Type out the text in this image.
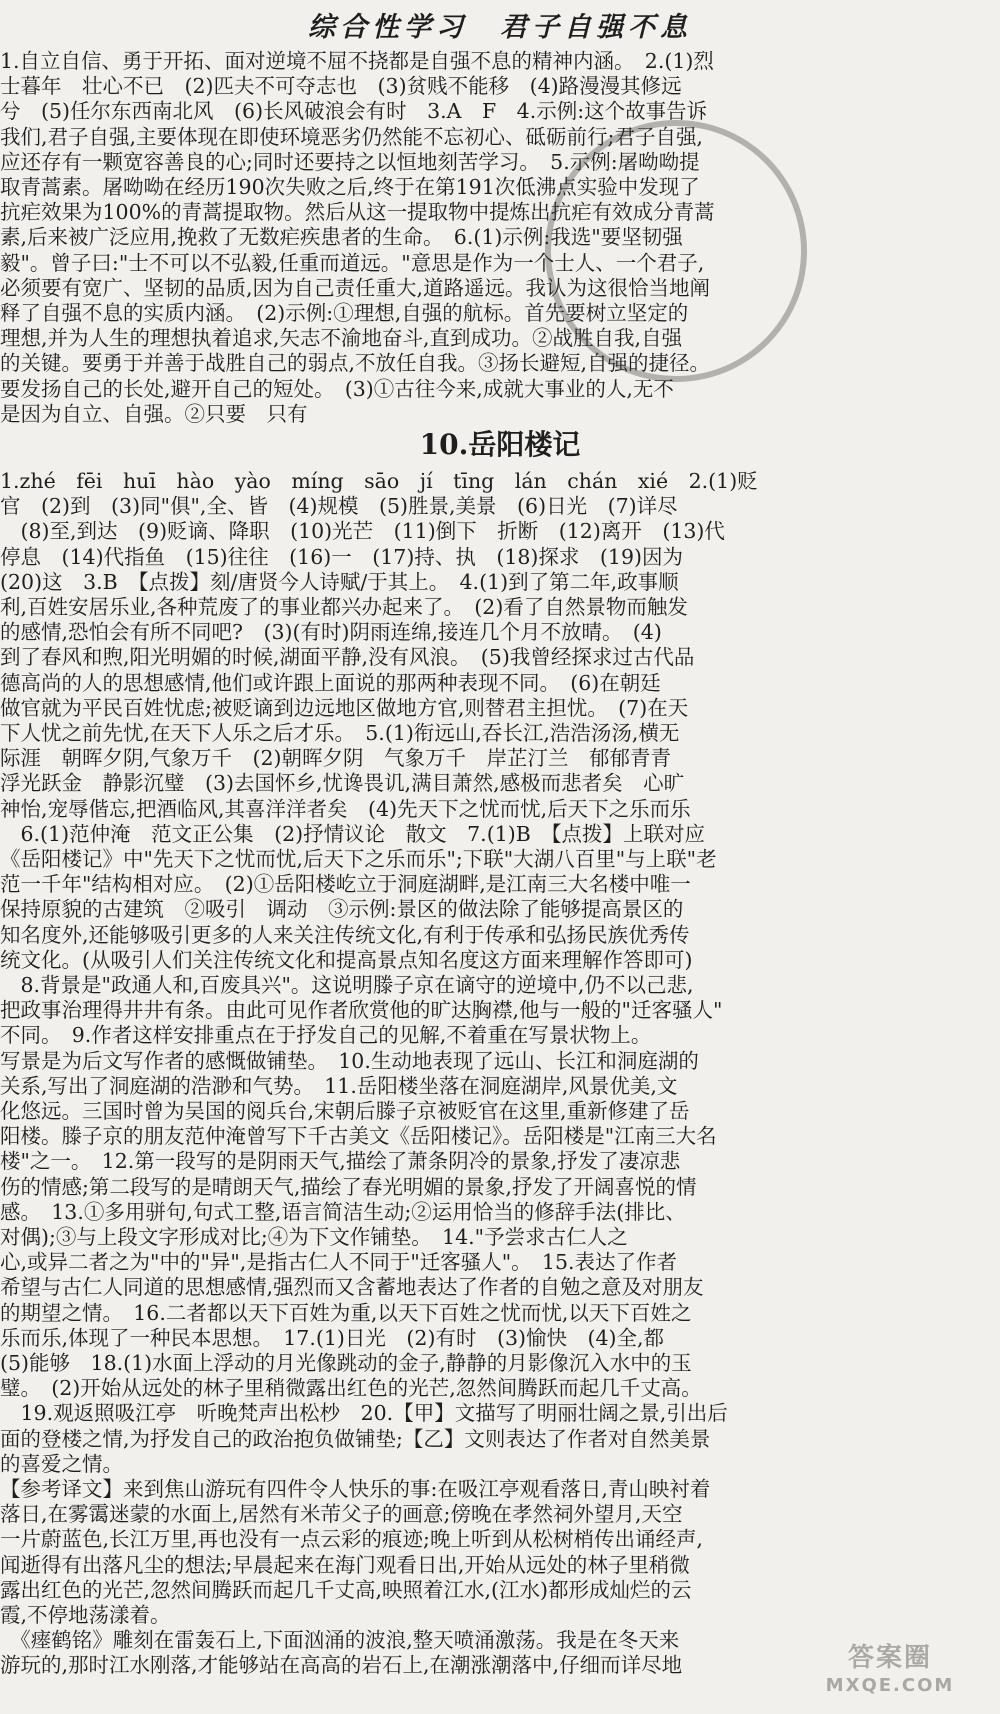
综合性学习　君子自强不息
10.岳阳楼记
1.自立自信、勇于开拓、面对逆境不屈不挠都是自强不息的精神内涵。　2.(1)烈
士暮年　壮心不已　(2)匹夫不可夺志也　(3)贫贱不能移　(4)路漫漫其修远
兮　(5)任尔东西南北风　(6)长风破浪会有时　3.A　F　4.示例:这个故事告诉
我们,君子自强,主要体现在即使环境恶劣仍然能不忘初心、砥砺前行;君子自强,
应还存有一颗宽容善良的心;同时还要持之以恒地刻苦学习。　5.示例:屠呦呦提
取青蒿素。屠呦呦在经历190次失败之后,终于在第191次低沸点实验中发现了
抗疟效果为100%的青蒿提取物。然后从这一提取物中提炼出抗疟有效成分青蒿
素,后来被广泛应用,挽救了无数疟疾患者的生命。　6.(1)示例:我选"要坚韧强
毅"。曾子曰:"士不可以不弘毅,任重而道远。"意思是作为一个士人、一个君子,
必须要有宽广、坚韧的品质,因为自己责任重大,道路遥远。我认为这很恰当地阐
释了自强不息的实质内涵。　(2)示例:①理想,自强的航标。首先要树立坚定的
理想,并为人生的理想执着追求,矢志不渝地奋斗,直到成功。②战胜自我,自强
的关键。要勇于并善于战胜自己的弱点,不放任自我。③扬长避短,自强的捷径。
要发扬自己的长处,避开自己的短处。　(3)①古往今来,成就大事业的人,无不
是因为自立、自强。②只要　只有
1.zhé　fēi　huī　hào　yào　míng　sāo　jí　tīng　lán　chán　xié　2.(1)贬
官　(2)到　(3)同"俱",全、皆　(4)规模　(5)胜景,美景　(6)日光　(7)详尽
　(8)至,到达　(9)贬谪、降职　(10)光芒　(11)倒下　折断　(12)离开　(13)代
停息　(14)代指鱼　(15)往往　(16)一　(17)持、执　(18)探求　(19)因为
(20)这　3.B　【点拨】刻/唐贤今人诗赋/于其上。　4.(1)到了第二年,政事顺
利,百姓安居乐业,各种荒废了的事业都兴办起来了。　(2)看了自然景物而触发
的感情,恐怕会有所不同吧?　(3)(有时)阴雨连绵,接连几个月不放晴。　(4)
到了春风和煦,阳光明媚的时候,湖面平静,没有风浪。　(5)我曾经探求过古代品
德高尚的人的思想感情,他们或许跟上面说的那两种表现不同。　(6)在朝廷
做官就为平民百姓忧虑;被贬谪到边远地区做地方官,则替君主担忧。　(7)在天
下人忧之前先忧,在天下人乐之后才乐。　5.(1)衔远山,吞长江,浩浩汤汤,横无
际涯　朝晖夕阴,气象万千　(2)朝晖夕阴　气象万千　岸芷汀兰　郁郁青青
浮光跃金　静影沉璧　(3)去国怀乡,忧谗畏讥,满目萧然,感极而悲者矣　心旷
神怡,宠辱偕忘,把酒临风,其喜洋洋者矣　(4)先天下之忧而忧,后天下之乐而乐
　6.(1)范仲淹　范文正公集　(2)抒情议论　散文　7.(1)B　【点拨】上联对应
《岳阳楼记》中"先天下之忧而忧,后天下之乐而乐";下联"大湖八百里"与上联"老
范一千年"结构相对应。　(2)①岳阳楼屹立于洞庭湖畔,是江南三大名楼中唯一
保持原貌的古建筑　②吸引　调动　③示例:景区的做法除了能够提高景区的
知名度外,还能够吸引更多的人来关注传统文化,有利于传承和弘扬民族优秀传
统文化。(从吸引人们关注传统文化和提高景点知名度这方面来理解作答即可)
　8.背景是"政通人和,百废具兴"。这说明滕子京在谪守的逆境中,仍不以己悲,
把政事治理得井井有条。由此可见作者欣赏他的旷达胸襟,他与一般的"迁客骚人"
不同。　9.作者这样安排重点在于抒发自己的见解,不着重在写景状物上。
写景是为后文写作者的感慨做铺垫。　10.生动地表现了远山、长江和洞庭湖的
关系,写出了洞庭湖的浩渺和气势。　11.岳阳楼坐落在洞庭湖岸,风景优美,文
化悠远。三国时曾为吴国的阅兵台,宋朝后滕子京被贬官在这里,重新修建了岳
阳楼。滕子京的朋友范仲淹曾写下千古美文《岳阳楼记》。岳阳楼是"江南三大名
楼"之一。　12.第一段写的是阴雨天气,描绘了萧条阴冷的景象,抒发了凄凉悲
伤的情感;第二段写的是晴朗天气,描绘了春光明媚的景象,抒发了开阔喜悦的情
感。　13.①多用骈句,句式工整,语言简洁生动;②运用恰当的修辞手法(排比、
对偶);③与上段文字形成对比;④为下文作铺垫。　14."予尝求古仁人之
心,或异二者之为"中的"异",是指古仁人不同于"迁客骚人"。　15.表达了作者
希望与古仁人同道的思想感情,强烈而又含蓄地表达了作者的自勉之意及对朋友
的期望之情。　16.二者都以天下百姓为重,以天下百姓之忧而忧,以天下百姓之
乐而乐,体现了一种民本思想。　17.(1)日光　(2)有时　(3)愉快　(4)全,都
(5)能够　18.(1)水面上浮动的月光像跳动的金子,静静的月影像沉入水中的玉
璧。　(2)开始从远处的林子里稍微露出红色的光芒,忽然间腾跃而起几千丈高。
　19.观返照吸江亭　听晚梵声出松杪　20.【甲】文描写了明丽壮阔之景,引出后
面的登楼之情,为抒发自己的政治抱负做铺垫;【乙】文则表达了作者对自然美景
的喜爱之情。
【参考译文】来到焦山游玩有四件令人快乐的事:在吸江亭观看落日,青山映衬着
落日,在雾霭迷蒙的水面上,居然有米芾父子的画意;傍晚在孝然祠外望月,天空
一片蔚蓝色,长江万里,再也没有一点云彩的痕迹;晚上听到从松树梢传出诵经声,
闻逝得有出落凡尘的想法;早晨起来在海门观看日出,开始从远处的林子里稍微
露出红色的光芒,忽然间腾跃而起几千丈高,映照着江水,(江水)都形成灿烂的云
霞,不停地荡漾着。
　《瘗鹤铭》雕刻在雷轰石上,下面汹涌的波浪,整天喷涌激荡。我是在冬天来
游玩的,那时江水刚落,才能够站在高高的岩石上,在潮涨潮落中,仔细而详尽地	答案圈
MXQE.COM
